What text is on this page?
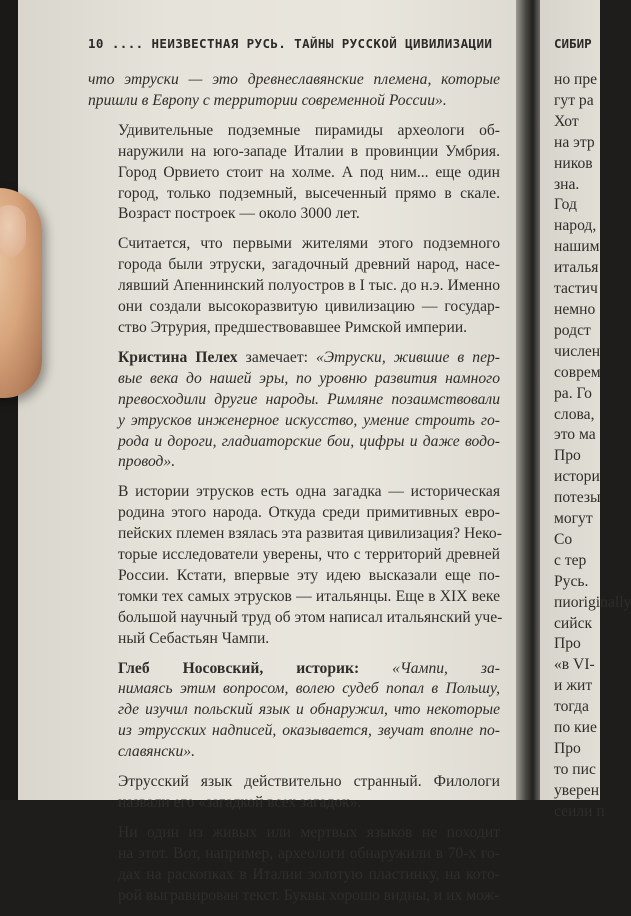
10 .... НЕИЗВЕСТНАЯ РУСЬ. ТАЙНЫ РУССКОЙ ЦИВИЛИЗАЦИИ

что этруски — это древнеславянские племена, которые
пришли в Европу с территории современной России».

Удивительные подземные пирамиды археологи об-
наружили на юго-западе Италии в провинции Умбрия.
Город Орвието стоит на холме. А под ним... еще один
город, только подземный, высеченный прямо в скале.
Возраст построек — около 3000 лет.

Считается, что первыми жителями этого подземного
города были этруски, загадочный древний народ, насе-
лявший Апеннинский полуостров в I тыс. до н.э. Именно
они создали высокоразвитую цивилизацию — государ-
ство Этрурия, предшествовавшее Римской империи.

Кристина Пелех замечает: «Этруски, жившие в пер-
вые века до нашей эры, по уровню развития намного
превосходили другие народы. Римляне позаимствовали
у этрусков инженерное искусство, умение строить го-
рода и дороги, гладиаторские бои, цифры и даже водо-
провод».

В истории этрусков есть одна загадка — историческая
родина этого народа. Откуда среди примитивных евро-
пейских племен взялась эта развитая цивилизация? Неко-
торые исследователи уверены, что с территорий древней
России. Кстати, впервые эту идею высказали еще по-
томки тех самых этрусков — итальянцы. Еще в XIX веке
большой научный труд об этом написал итальянский уче-
ный Себастьян Чампи.

Глеб Носовский, историк: «Чампи, за-
нимаясь этим вопросом, волею судеб попал в Польшу,
где изучил польский язык и обнаружил, что некоторые
из этрусских надписей, оказывается, звучат вполне по-
славянски».

Этрусский язык действительно странный. Филологи
назвали его «загадкой всех загадок».

Ни один из живых или мертвых языков не походит
на этот. Вот, например, археологи обнаружили в 70-х го-
дах на раскопках в Италии золотую пластинку, на кото-
рой выгравирован текст. Буквы хорошо видны, и их мож-

СИБИР
но пре
гут ра
Хот
на этр
ников
зна.
Год
народ,
нашим
италья
тастич
немно
родст
числен
соврем
ра. Го
слова,
это ма
Про
истори
потезы
могут
Co
с тер
Русь.
пиoriginally
сийск
Про
«в VI-
и жит
тогда
по кие
Про
то пис
уверен
сеили п
